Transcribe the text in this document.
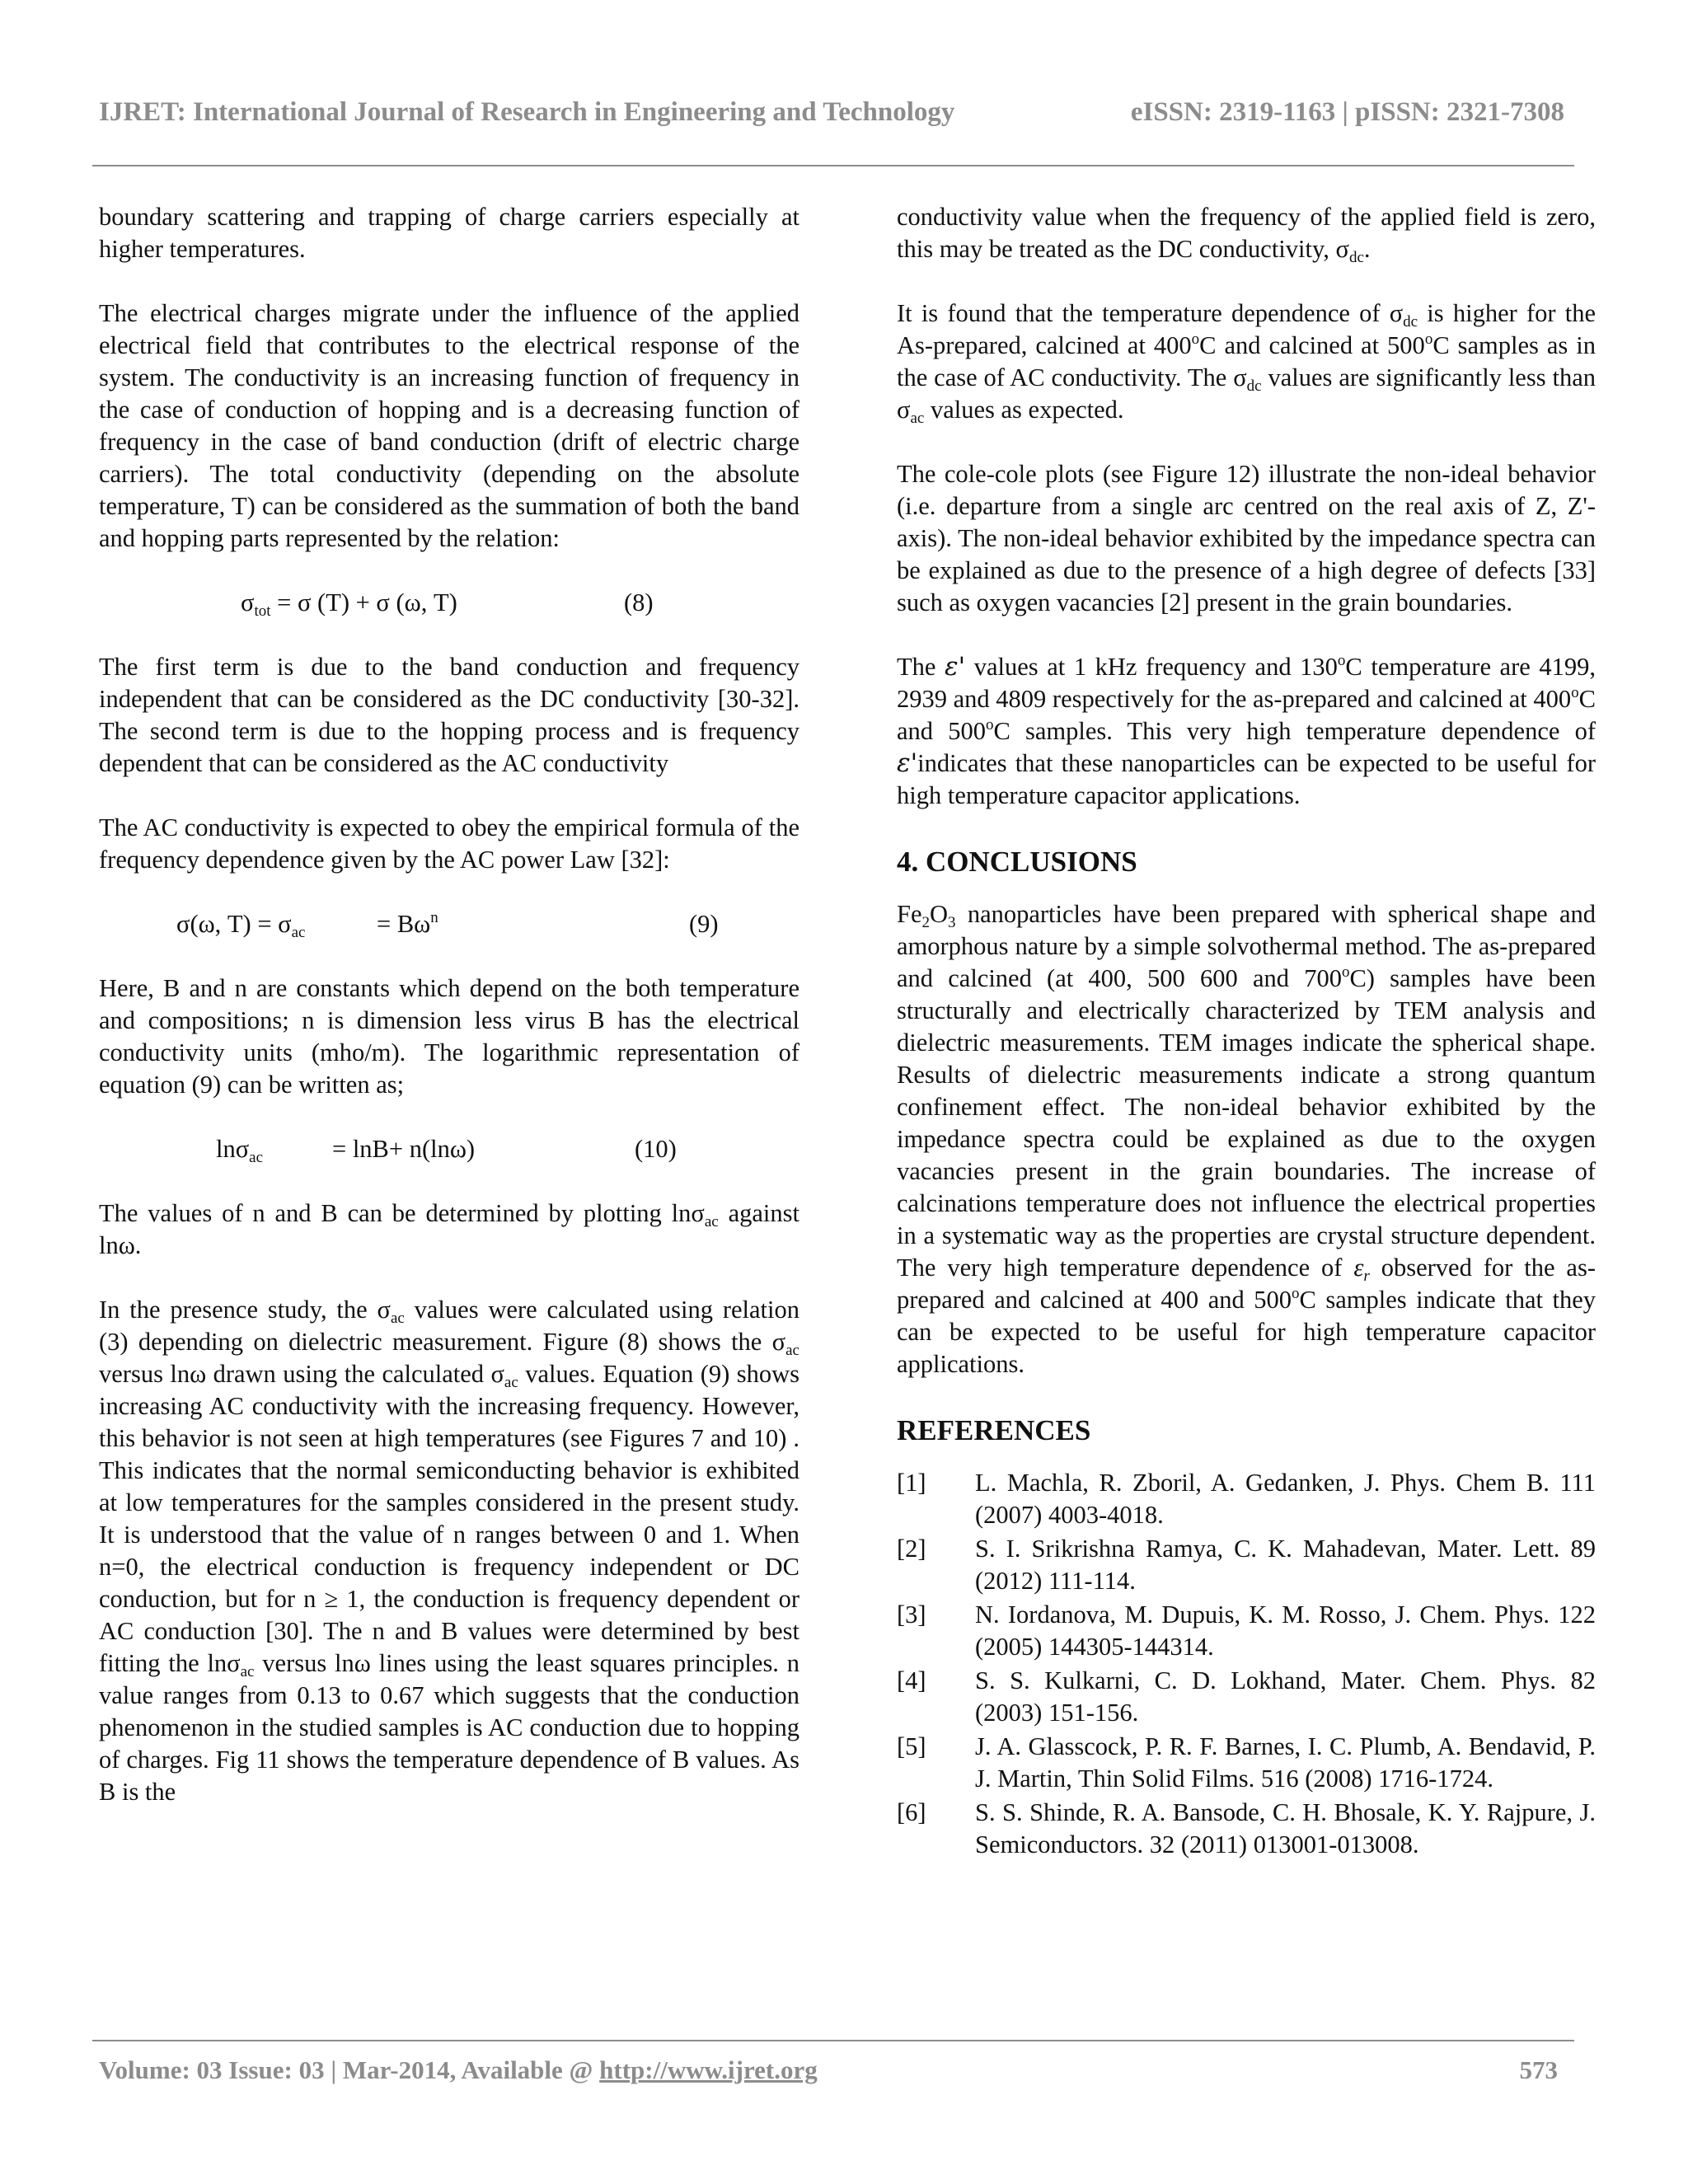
IJRET: International Journal of Research in Engineering and Technology	eISSN: 2319-1163 | pISSN: 2321-7308

boundary scattering and trapping of charge carriers especially at higher temperatures.

The electrical charges migrate under the influence of the applied electrical field that contributes to the electrical response of the system. The conductivity is an increasing function of frequency in the case of conduction of hopping and is a decreasing function of frequency in the case of band conduction (drift of electric charge carriers). The total conductivity (depending on the absolute temperature, T) can be considered as the summation of both the band and hopping parts represented by the relation:

$\sigma_{tot} = \sigma$ (T) + σ (ω, T)	(8)

The first term is due to the band conduction and frequency independent that can be considered as the DC conductivity [30-32]. The second term is due to the hopping process and is frequency dependent that can be considered as the AC conductivity

The AC conductivity is expected to obey the empirical formula of the frequency dependence given by the AC power Law [32]:

σ(ω, $T) = \sigma_{ac}$	= $B\omega^n$	(9)

Here, B and n are constants which depend on the both temperature and compositions; n is dimension less virus B has the electrical conductivity units (mho/m). The logarithmic representation of equation (9) can be written as;

lnσ$_{ac}$	= lnB+ n(lnω)	(10)

The values of n and B can be determined by plotting lnσ$_{ac}$ against lnω.

In the presence study, the $\sigma_{ac}$ values were calculated using relation (3) depending on dielectric measurement. Figure (8) shows the $\sigma_{ac}$ versus lnω drawn using the calculated $\sigma_{ac}$ values. Equation (9) shows increasing AC conductivity with the increasing frequency. However, this behavior is not seen at high temperatures (see Figures 7 and 10) . This indicates that the normal semiconducting behavior is exhibited at low temperatures for the samples considered in the present study. It is understood that the value of n ranges between 0 and 1. When n=0, the electrical conduction is frequency independent or DC conduction, but for n ≥ 1, the conduction is frequency dependent or AC conduction [30]. The n and B values were determined by best fitting the lnσ$_{ac}$ versus lnω lines using the least squares principles. n value ranges from 0.13 to 0.67 which suggests that the conduction phenomenon in the studied samples is AC conduction due to hopping of charges. Fig 11 shows the temperature dependence of B values. As B is the

conductivity value when the frequency of the applied field is zero, this may be treated as the DC conductivity, $\sigma_{dc}$.

It is found that the temperature dependence of $\sigma_{dc}$ is higher for the As-prepared, calcined at 400$^o$C and calcined at 500$^o$C samples as in the case of AC conductivity. The $\sigma_{dc}$ values are significantly less than $\sigma_{ac}$ values as expected.

The cole-cole plots (see Figure 12) illustrate the non-ideal behavior (i.e. departure from a single arc centred on the real axis of Z, Z'-axis). The non-ideal behavior exhibited by the impedance spectra can be explained as due to the presence of a high degree of defects [33] such as oxygen vacancies [2] present in the grain boundaries.

The ε' values at 1 kHz frequency and 130$^o$C temperature are 4199, 2939 and 4809 respectively for the as-prepared and calcined at 400$^o$C and 500$^o$C samples. This very high temperature dependence of ε'indicates that these nanoparticles can be expected to be useful for high temperature capacitor applications.

4. CONCLUSIONS

$Fe_2O_3$ nanoparticles have been prepared with spherical shape and amorphous nature by a simple solvothermal method. The as-prepared and calcined (at 400, 500 600 and 700$^o$C) samples have been structurally and electrically characterized by TEM analysis and dielectric measurements. TEM images indicate the spherical shape. Results of dielectric measurements indicate a strong quantum confinement effect. The non-ideal behavior exhibited by the impedance spectra could be explained as due to the oxygen vacancies present in the grain boundaries. The increase of calcinations temperature does not influence the electrical properties in a systematic way as the properties are crystal structure dependent. The very high temperature dependence of $\varepsilon_r$ observed for the as-prepared and calcined at 400 and 500$^o$C samples indicate that they can be expected to be useful for high temperature capacitor applications.

REFERENCES
[1] L. Machla, R. Zboril, A. Gedanken, J. Phys. Chem B. 111 (2007) 4003-4018.
[2] S. I. Srikrishna Ramya, C. K. Mahadevan, Mater. Lett. 89 (2012) 111-114.
[3] N. Iordanova, M. Dupuis, K. M. Rosso, J. Chem. Phys. 122 (2005) 144305-144314.
[4] S. S. Kulkarni, C. D. Lokhand, Mater. Chem. Phys. 82 (2003) 151-156.
[5] J. A. Glasscock, P. R. F. Barnes, I. C. Plumb, A. Bendavid, P. J. Martin, Thin Solid Films. 516 (2008) 1716-1724.
[6] S. S. Shinde, R. A. Bansode, C. H. Bhosale, K. Y. Rajpure, J. Semiconductors. 32 (2011) 013001-013008.
Volume: 03 Issue: 03 | Mar-2014, Available @ http://www.ijret.org	573
